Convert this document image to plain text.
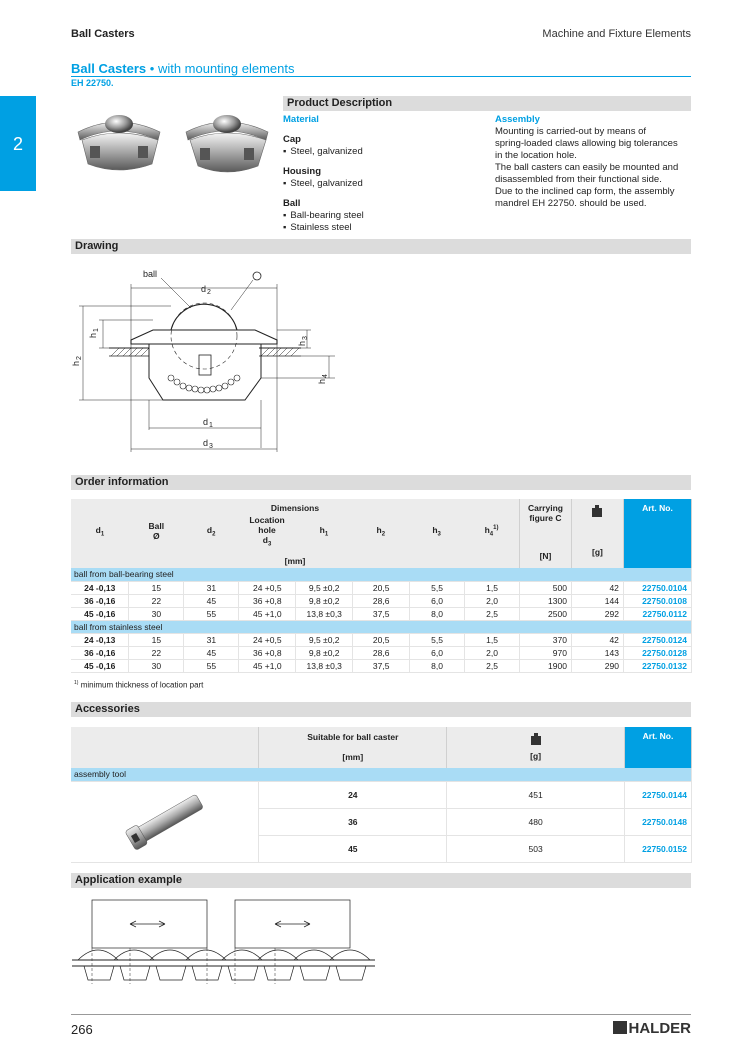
Ball Casters	Machine and Fixture Elements
Ball Casters • with mounting elements
EH 22750.
2
Product Description
Material
Cap
▪ Steel, galvanized
Housing
▪ Steel, galvanized
Ball
▪ Ball-bearing steel
▪ Stainless steel
Assembly
Mounting is carried-out by means of
spring-loaded claws allowing big tolerances
in the location hole.
The ball casters can easily be mounted and
disassembled from their functional side.
Due to the inclined cap form, the assembly
mandrel EH 22750. should be used.
Drawing
ball
$d_2$
$h_1$
$h_2$
$h_3$
$h_4$
$d_1$
$d_3$
Order information
Dimensions
$d_1$	Ball
Ø	$d_2$	Location
hole
$d_3$	$h_1$	$h_2$	$h_3$	$h_4^{1)}$
[mm]

Carrying
figure C
[N]	[g]
	Art. No.
ball from ball-bearing steel
24 -0,13	15	31	24 +0,5	9,5 ±0,2	20,5	5,5	1,5	500	42	22750.0104
36 -0,16	22	45	36 +0,8	9,8 ±0,2	28,6	6,0	2,0	1300	144	22750.0108
45 -0,16	30	55	45 +1,0	13,8 ±0,3	37,5	8,0	2,5	2500	292	22750.0112
ball from stainless steel
24 -0,13	15	31	24 +0,5	9,5 ±0,2	20,5	5,5	1,5	370	42	22750.0124
36 -0,16	22	45	36 +0,8	9,8 ±0,2	28,6	6,0	2,0	970	143	22750.0128
45 -0,16	30	55	45 +1,0	13,8 ±0,3	37,5	8,0	2,5	1900	290	22750.0132
$^{1)}$ minimum thickness of location part
Accessories

	Suitable for ball caster
[mm]	[g]	Art. No.
assembly tool			
	24	451	22750.0144
	36	480	22750.0148
	45	503	22750.0152
Application example
266	HALDER
